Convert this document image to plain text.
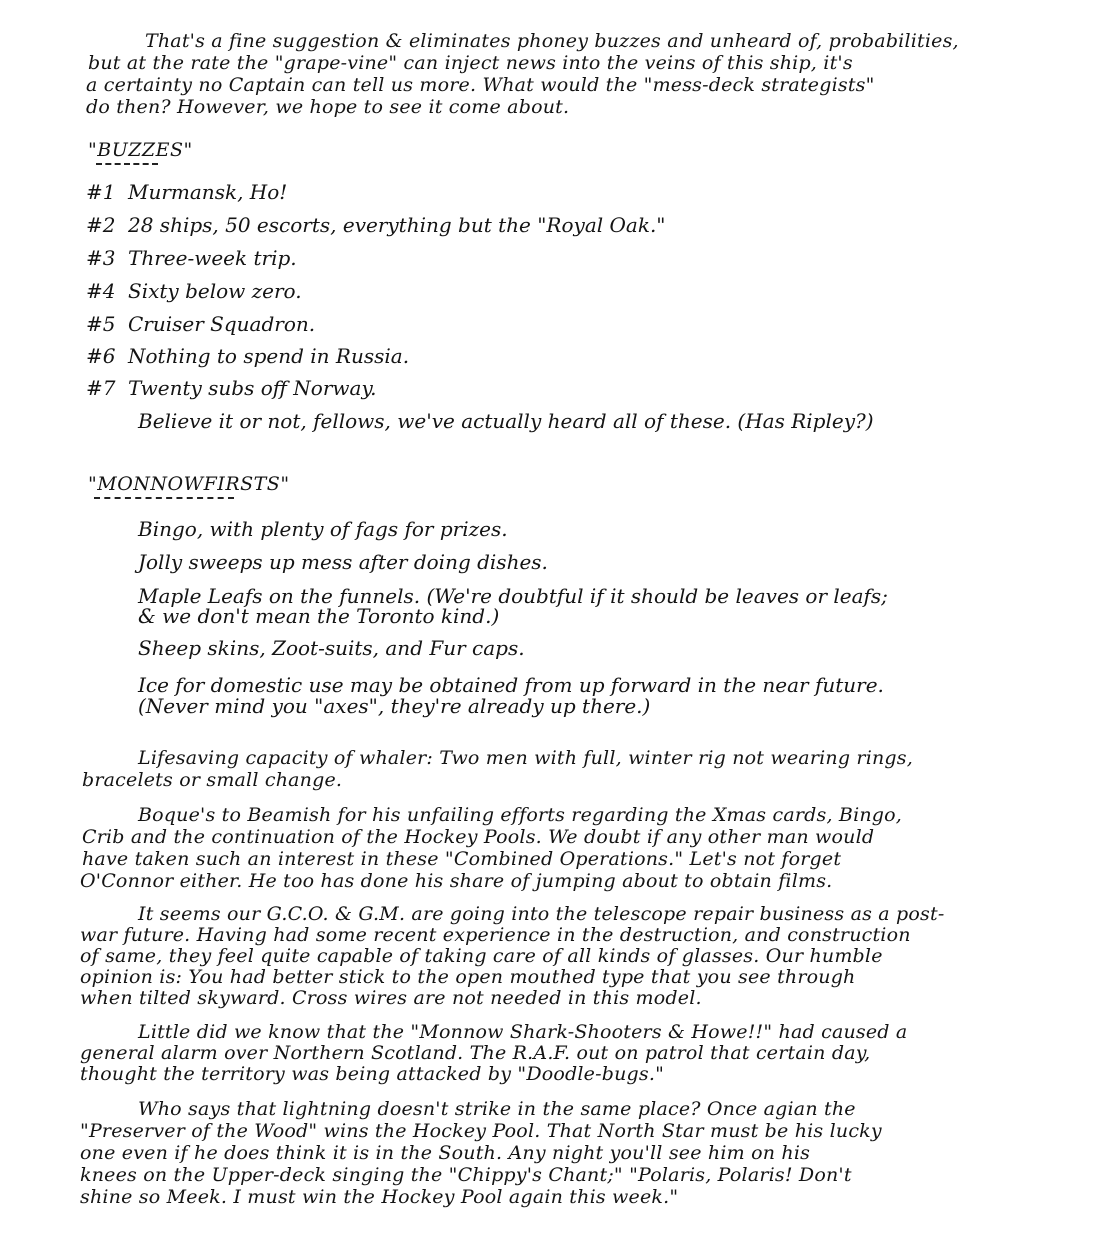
That's a fine suggestion & eliminates phoney buzzes and unheard of, probabilities,
but at the rate the "grape-vine" can inject news into the veins of this ship, it's
a certainty no Captain can tell us more. What would the "mess-deck strategists"
do then? However, we hope to see it come about.
"BUZZES"
#1 Murmansk, Ho!
#2 28 ships, 50 escorts, everything but the "Royal Oak."
#3 Three-week trip.
#4 Sixty below zero.
#5 Cruiser Squadron.
#6 Nothing to spend in Russia.
#7 Twenty subs off Norway.
Believe it or not, fellows, we've actually heard all of these. (Has Ripley?)
"MONNOWFIRSTS"
Bingo, with plenty of fags for prizes.
Jolly sweeps up mess after doing dishes.
Maple Leafs on the funnels. (We're doubtful if it should be leaves or leafs;
& we don't mean the Toronto kind.)
Sheep skins, Zoot-suits, and Fur caps.
Ice for domestic use may be obtained from up forward in the near future.
(Never mind you "axes", they're already up there.)
Lifesaving capacity of whaler: Two men with full, winter rig not wearing rings,
bracelets or small change.
Boque's to Beamish for his unfailing efforts regarding the Xmas cards, Bingo,
Crib and the continuation of the Hockey Pools. We doubt if any other man would
have taken such an interest in these "Combined Operations." Let's not forget
O'Connor either. He too has done his share of jumping about to obtain films.
It seems our G.C.O. & G.M. are going into the telescope repair business as a post-
war future. Having had some recent experience in the destruction, and construction
of same, they feel quite capable of taking care of all kinds of glasses. Our humble
opinion is: You had better stick to the open mouthed type that you see through
when tilted skyward. Cross wires are not needed in this model.
Little did we know that the "Monnow Shark-Shooters & Howe!!" had caused a
general alarm over Northern Scotland. The R.A.F. out on patrol that certain day,
thought the territory was being attacked by "Doodle-bugs."
Who says that lightning doesn't strike in the same place? Once agian the
"Preserver of the Wood" wins the Hockey Pool. That North Star must be his lucky
one even if he does think it is in the South. Any night you'll see him on his
knees on the Upper-deck singing the "Chippy's Chant;" "Polaris, Polaris! Don't
shine so Meek. I must win the Hockey Pool again this week."
